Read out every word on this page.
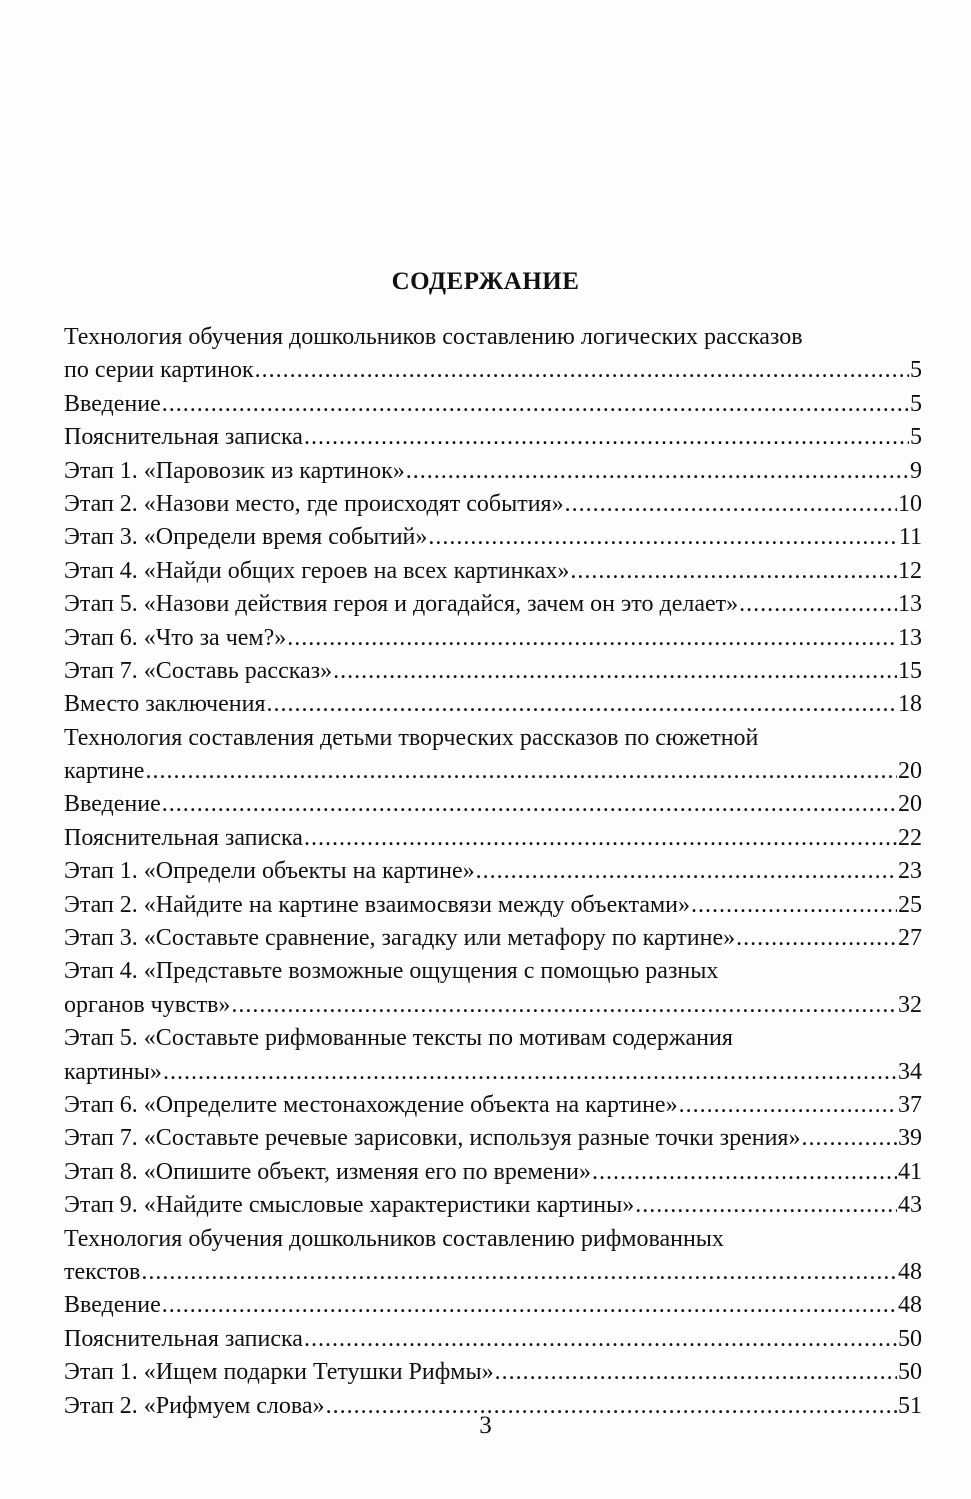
СОДЕРЖАНИЕ
Технология обучения дошкольников составлению логических рассказов
по серии картинок .....	5
Введение .....	5
Пояснительная записка .....	5
Этап 1. «Паровозик из картинок» .....	9
Этап 2. «Назови место, где происходят события» .....	10
Этап 3. «Определи время событий» .....	11
Этап 4. «Найди общих героев на всех картинках» .....	12
Этап 5. «Назови действия героя и догадайся, зачем он это делает» .....	13
Этап 6. «Что за чем?» .....	13
Этап 7. «Составь рассказ» .....	15
Вместо заключения .....	18
Технология составления детьми творческих рассказов по сюжетной
картине .....	20
Введение .....	20
Пояснительная записка .....	22
Этап 1. «Определи объекты на картине» .....	23
Этап 2. «Найдите на картине взаимосвязи между объектами» .....	25
Этап 3. «Составьте сравнение, загадку или метафору по картине» .....	27
Этап 4. «Представьте возможные ощущения с помощью разных
органов чувств» .....	32
Этап 5. «Составьте рифмованные тексты по мотивам содержания
картины» .....	34
Этап 6. «Определите местонахождение объекта на картине» .....	37
Этап 7. «Составьте речевые зарисовки, используя разные точки зрения» .....	39
Этап 8. «Опишите объект, изменяя его по времени» .....	41
Этап 9. «Найдите смысловые характеристики картины» .....	43
Технология обучения дошкольников составлению рифмованных
текстов .....	48
Введение .....	48
Пояснительная записка .....	50
Этап 1. «Ищем подарки Тетушки Рифмы» .....	50
Этап 2. «Рифмуем слова» .....	51
3
